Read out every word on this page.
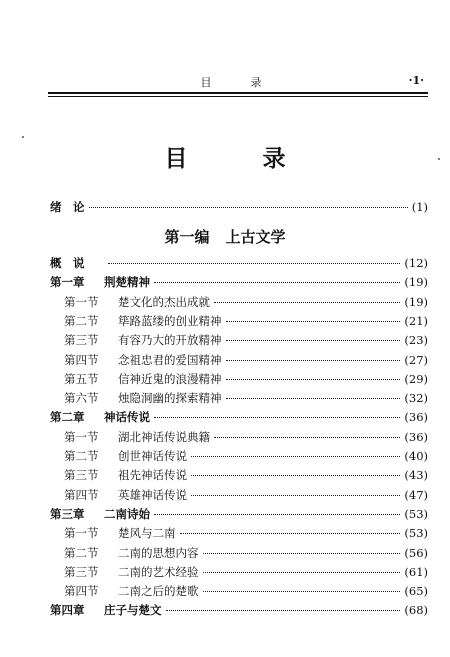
目　录	·1·
目　录
绪　论	(1)
第一编 上古文学
概　说	(12)
第一章 荆楚精神	(19)
第一节 楚文化的杰出成就	(19)
第二节 筚路蓝缕的创业精神	(21)
第三节 有容乃大的开放精神	(23)
第四节 念祖忠君的爱国精神	(27)
第五节 信神近鬼的浪漫精神	(29)
第六节 烛隐洞幽的探索精神	(32)
第二章 神话传说	(36)
第一节 湖北神话传说典籍	(36)
第二节 创世神话传说	(40)
第三节 祖先神话传说	(43)
第四节 英雄神话传说	(47)
第三章 二南诗始	(53)
第一节 楚风与二南	(53)
第二节 二南的思想内容	(56)
第三节 二南的艺术经验	(61)
第四节 二南之后的楚歌	(65)
第四章 庄子与楚文	(68)
